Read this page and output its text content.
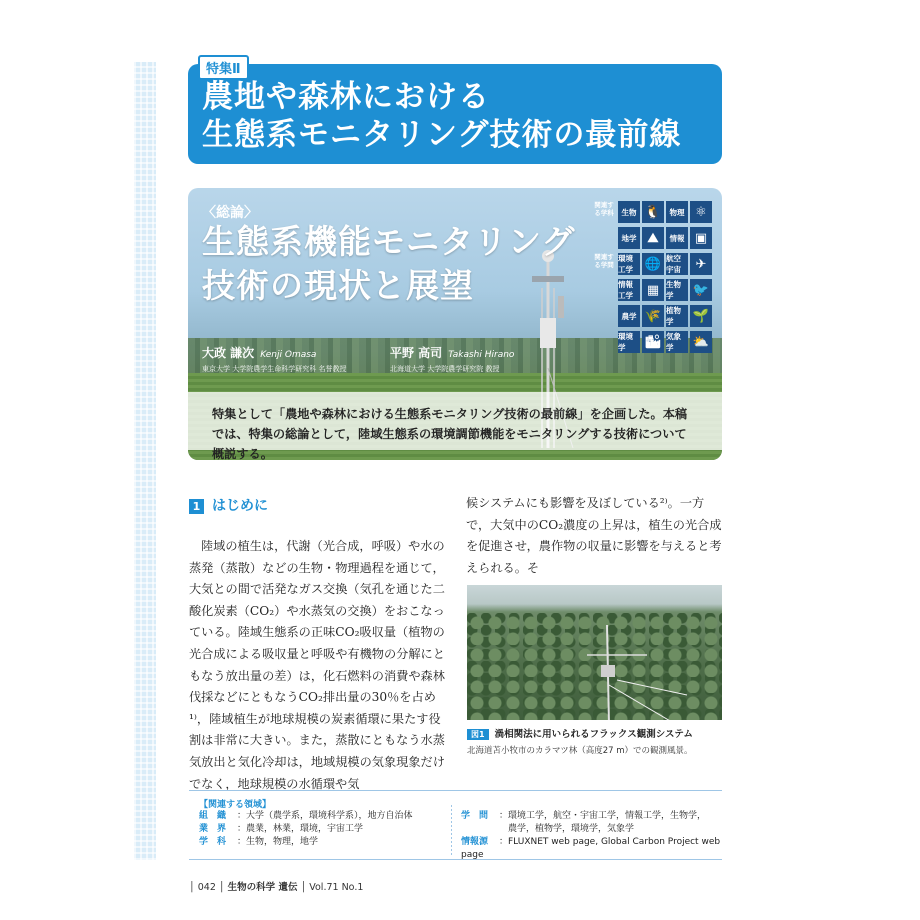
特集Ⅱ
農地や森林における
生態系モニタリング技術の最前線
〈総論〉
生態系機能モニタリング
技術の現状と展望
大政 謙次 Kenji Omasa
東京大学 大学院農学生命科学研究科 名誉教授
平野 高司 Takashi Hirano
北海道大学 大学院農学研究院 教授
関連する学科	生物 🐧	物理 ⚛
地学 ⛰	情報 ▣
関連する学問
環境工学 🌐 航空宇宙	✈
情報工学	▦ 生物学	🐦
農学 🌾 植物学	🌱
環境学	🏙 気象学	⛅
特集として「農地や森林における生態系モニタリング技術の最前線」を企画した。本稿では、特集の総論として，陸域生態系の環境調節機能をモニタリングする技術について概説する。
1 はじめに
陸域の植生は，代謝（光合成，呼吸）や水の蒸発（蒸散）などの生物・物理過程を通じて，大気との間で活発なガス交換（気孔を通じた二酸化炭素（CO₂）や水蒸気の交換）をおこなっている。陸域生態系の正味CO₂吸収量（植物の光合成による吸収量と呼吸や有機物の分解にともなう放出量の差）は，化石燃料の消費や森林伐採などにともなうCO₂排出量の30％を占め¹⁾，陸域植生が地球規模の炭素循環に果たす役割は非常に大きい。また，蒸散にともなう水蒸気放出と気化冷却は，地域規模の気象現象だけでなく，地球規模の水循環や気
候システムにも影響を及ぼしている²⁾。一方で，大気中のCO₂濃度の上昇は，植生の光合成を促進させ，農作物の収量に影響を与えると考えられる。そ
図1 渦相関法に用いられるフラックス観測システム
北海道苫小牧市のカラマツ林（高度27 m）での観測風景。
【関連する領域】
組　織 ：大学（農学系，環境科学系），地方自治体
業　界 ：農業，林業，環境，宇宙工学
学　科 ：生物，物理，地学
学　問 ：環境工学，航空・宇宙工学，情報工学，生物学，
　農学，植物学，環境学，気象学
情報源 ：FLUXNET web page, Global Carbon Project web page
│ 042 │ 生物の科学 遺伝 │ Vol.71 No.1
